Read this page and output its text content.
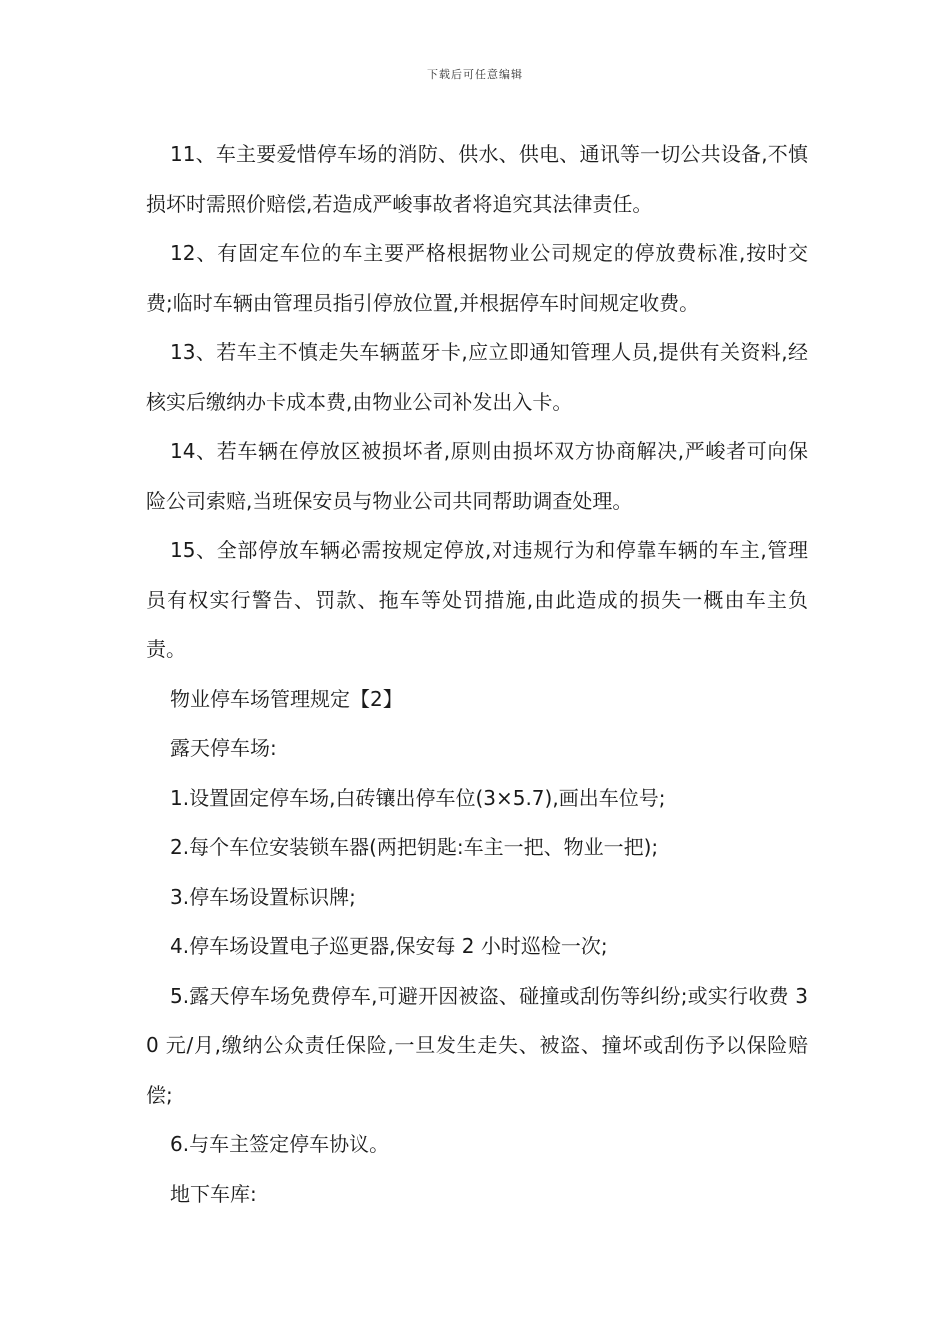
下载后可任意编辑

11、车主要爱惜停车场的消防、供水、供电、通讯等一切公共设备,不慎损坏时需照价赔偿,若造成严峻事故者将追究其法律责任。

12、有固定车位的车主要严格根据物业公司规定的停放费标准,按时交费;临时车辆由管理员指引停放位置,并根据停车时间规定收费。

13、若车主不慎走失车辆蓝牙卡,应立即通知管理人员,提供有关资料,经核实后缴纳办卡成本费,由物业公司补发出入卡。

14、若车辆在停放区被损坏者,原则由损坏双方协商解决,严峻者可向保险公司索赔,当班保安员与物业公司共同帮助调查处理。

15、全部停放车辆必需按规定停放,对违规行为和停靠车辆的车主,管理员有权实行警告、罚款、拖车等处罚措施,由此造成的损失一概由车主负责。

物业停车场管理规定【2】

露天停车场:

1.设置固定停车场,白砖镶出停车位(3×5.7),画出车位号;

2.每个车位安装锁车器(两把钥匙:车主一把、物业一把);

3.停车场设置标识牌;

4.停车场设置电子巡更器,保安每 2 小时巡检一次;

5.露天停车场免费停车,可避开因被盗、碰撞或刮伤等纠纷;或实行收费 30 元/月,缴纳公众责任保险,一旦发生走失、被盗、撞坏或刮伤予以保险赔偿;

6.与车主签定停车协议。

地下车库:
